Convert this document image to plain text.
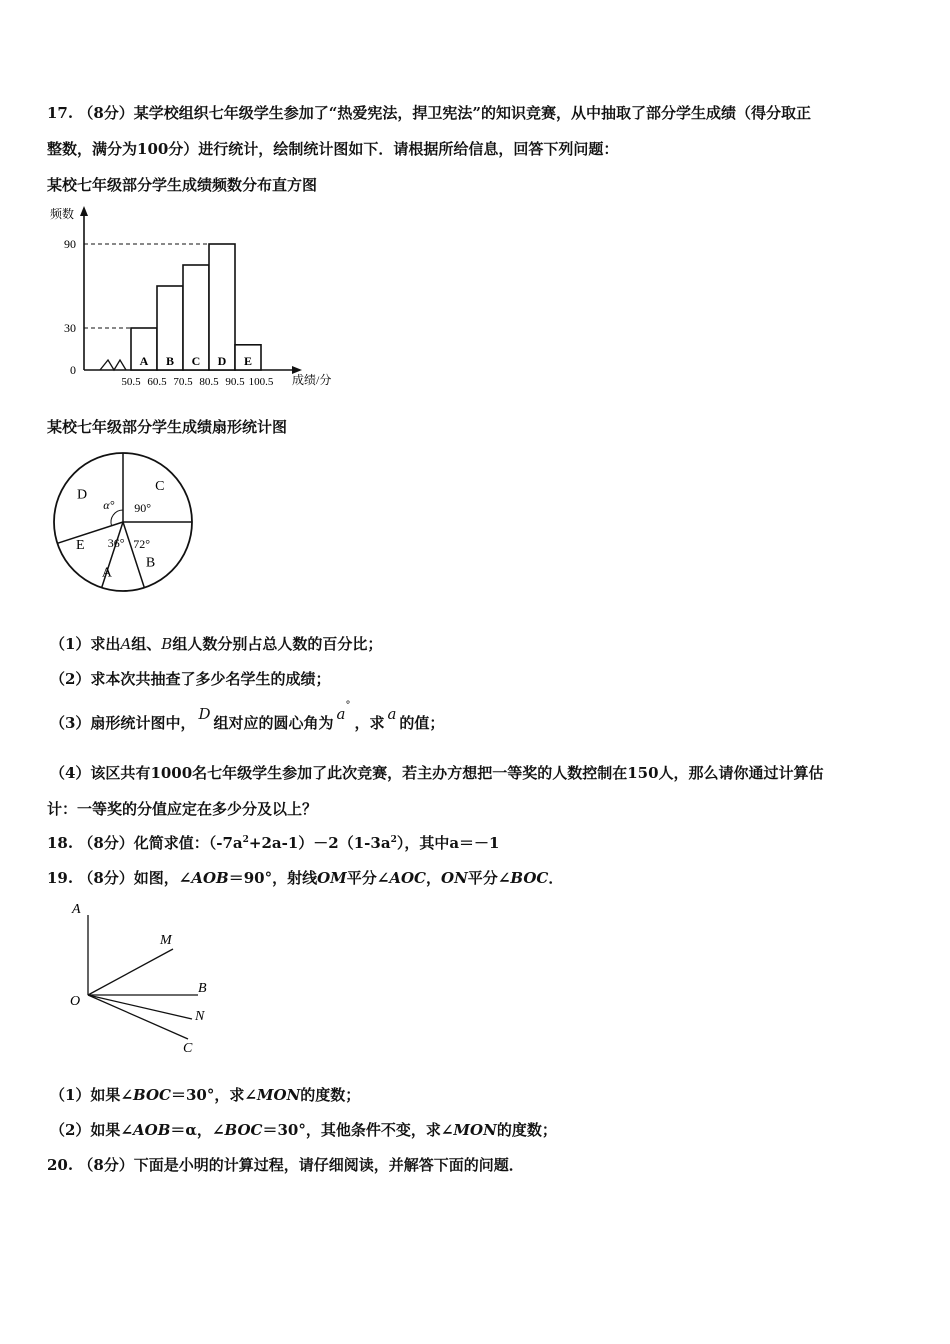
17. （8分）某学校组织七年级学生参加了“热爱宪法，捍卫宪法”的知识竞赛，从中抽取了部分学生成绩（得分取正
整数，满分为100分）进行统计，绘制统计图如下．请根据所给信息，回答下列问题：
某校七年级部分学生成绩频数分布直方图
频数
成绩/分
A B C D E
0
30
90
50.5 60.5 70.5 80.5 90.5 100.5
某校七年级部分学生成绩扇形统计图
C
B
A
E
D
36° 72°
90°
α°
（1）求出A组、B组人数分别占总人数的百分比；
（2）求本次共抽查了多少名学生的成绩；
（3）扇形统计图中， D 组对应的圆心角为 a°，求 a 的值；
（4）该区共有1000名七年级学生参加了此次竞赛，若主办方想把一等奖的人数控制在150人，那么请你通过计算估
计：一等奖的分值应定在多少分及以上？
18. （8分）化简求值：$(-7a^2+2a-1)-2(1-3a^2)$，其中a＝－1
19. （8分）如图，∠AOB＝90°，射线OM平分∠AOC，ON平分∠BOC．
A
M
B
O
N
C
（1）如果∠BOC＝30°，求∠MON的度数；
（2）如果∠AOB＝α，∠BOC＝30°，其他条件不变，求∠MON的度数；
20. （8分）下面是小明的计算过程，请仔细阅读，并解答下面的问题．
